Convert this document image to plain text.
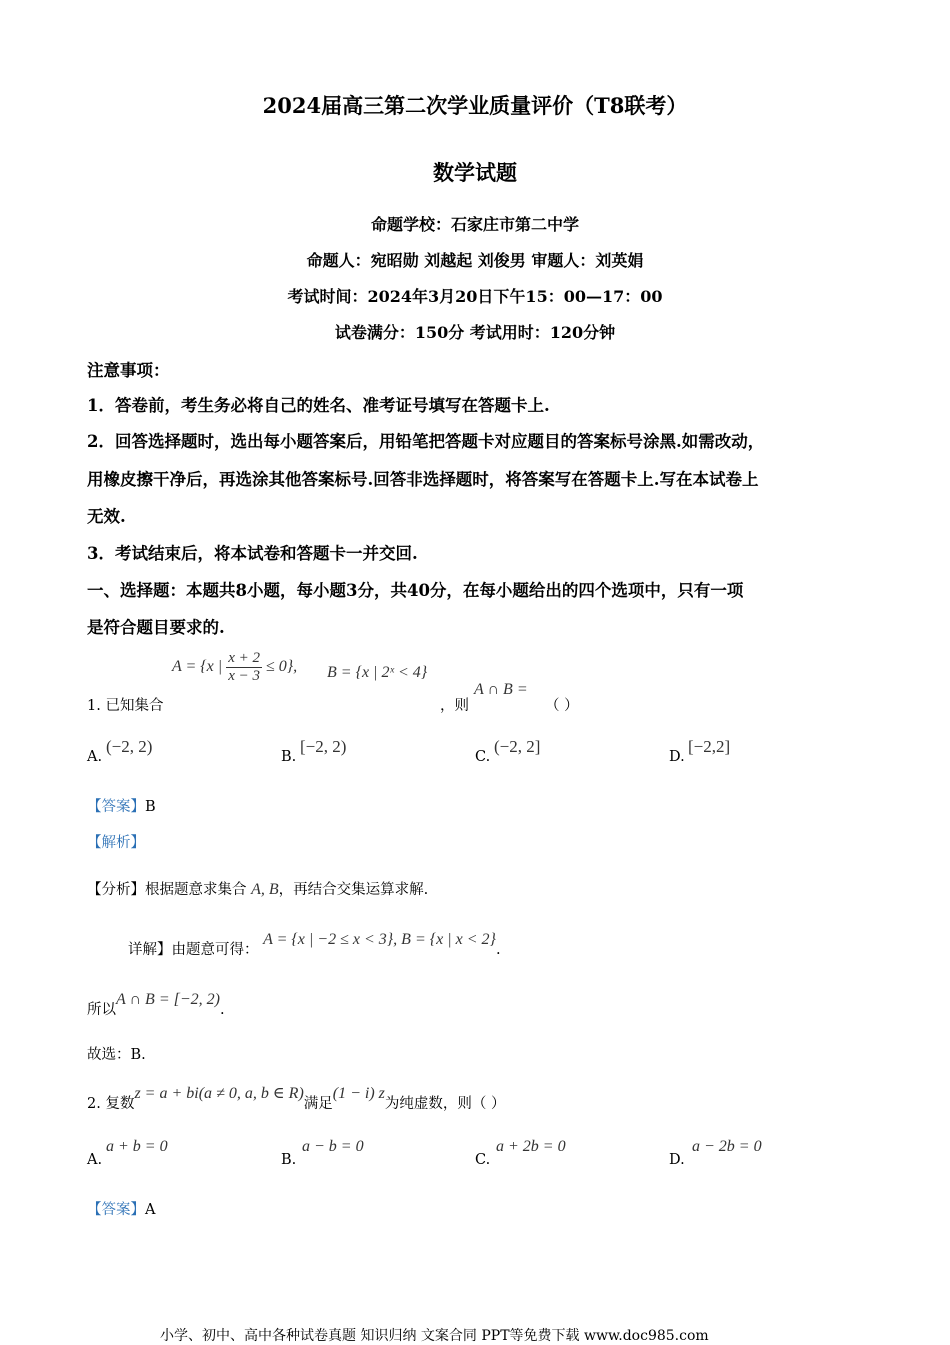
2024届高三第二次学业质量评价（T8联考）
数学试题
命题学校：石家庄市第二中学
命题人：宛昭勋 刘越起 刘俊男 审题人：刘英娟
考试时间：2024年3月20日下午15：00—17：00
试卷满分：150分 考试用时：120分钟
注意事项：
1．答卷前，考生务必将自己的姓名、准考证号填写在答题卡上.
2．回答选择题时，选出每小题答案后，用铅笔把答题卡对应题目的答案标号涂黑.如需改动，
用橡皮擦干净后，再选涂其他答案标号.回答非选择题时，将答案写在答题卡上.写在本试卷上
无效.
3．考试结束后，将本试卷和答题卡一并交回.
一、选择题：本题共8小题，每小题3分，共40分，在每小题给出的四个选项中，只有一项
是符合题目要求的.
A = {x | $\frac{x + 2}{x - 3} \le 0$}, B = {x | 2ˣ < 4}
1. 已知集合	，则
A ∩ B =
（ ）
A.
(−2, 2)
B.
[−2, 2)
C.
(−2, 2]
D.
[−2,2]
【答案】B
【解析】
【分析】根据题意求集合 A, B，再结合交集运算求解.
详解】由题意可得： A = {x | −2 ≤ x < 3}, B = {x | x < 2}.
所以A ∩ B = [−2, 2).
故选：B.
2. 复数z = a + bi(a ≠ 0, a, b ∈ R)满足(1 − i) z为纯虚数，则（ ）
A.
a + b = 0
B.
a − b = 0
C.
a + 2b = 0
D.
a − 2b = 0
【答案】A
小学、初中、高中各种试卷真题 知识归纳 文案合同 PPT等免费下载 www.doc985.com
